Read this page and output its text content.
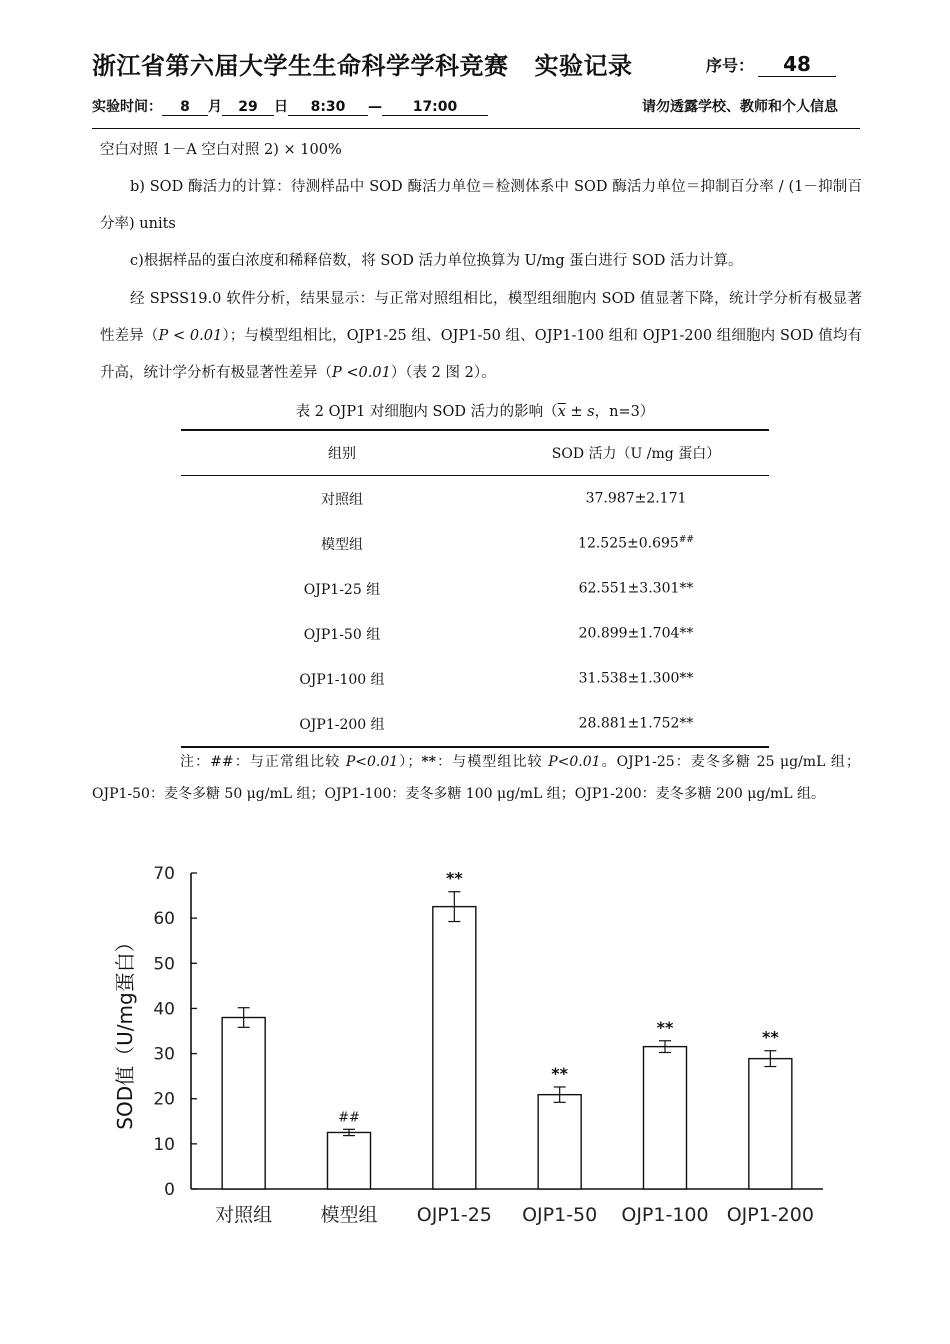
浙江省第六届大学生生命科学学科竞赛 实验记录	序号： 48
实验时间： 8 月 29 日 8:30 — 17:00	请勿透露学校、教师和个人信息
空白对照 1－A 空白对照 2) × 100%
b) SOD 酶活力的计算：待测样品中 SOD 酶活力单位＝检测体系中 SOD 酶活力单位＝抑制百分率 / (1－抑制百分率) units
c)根据样品的蛋白浓度和稀释倍数，将 SOD 活力单位换算为 U/mg 蛋白进行 SOD 活力计算。
经 SPSS19.0 软件分析，结果显示：与正常对照组相比，模型组细胞内 SOD 值显著下降，统计学分析有极显著性差异（P < 0.01）；与模型组相比，OJP1-25 组、OJP1-50 组、OJP1-100 组和 OJP1-200 组细胞内 SOD 值均有升高，统计学分析有极显著性差异（P <0.01）（表 2 图 2）。
表 2 OJP1 对细胞内 SOD 活力的影响（$\overline{x} \pm s$，n=3）
组别	SOD 活力（U /mg 蛋白）
对照组	37.987±2.171
模型组	12.525±0.695##
OJP1-25 组	62.551±3.301**
OJP1-50 组	20.899±1.704**
OJP1-100 组	31.538±1.300**
OJP1-200 组	28.881±1.752**
注：##：与正常组比较 P<0.01）；**：与模型组比较 P<0.01。OJP1-25：麦冬多糖 25 μg/mL 组；OJP1-50：麦冬多糖 50 μg/mL 组；OJP1-100：麦冬多糖 100 μg/mL 组；OJP1-200：麦冬多糖 200 μg/mL 组。
0
10
20
30
40
50
60
70
SOD值（U/mg蛋白）
对照组
##
模型组
**
OJP1-25
**
OJP1-50
**
OJP1-100
**
OJP1-200
